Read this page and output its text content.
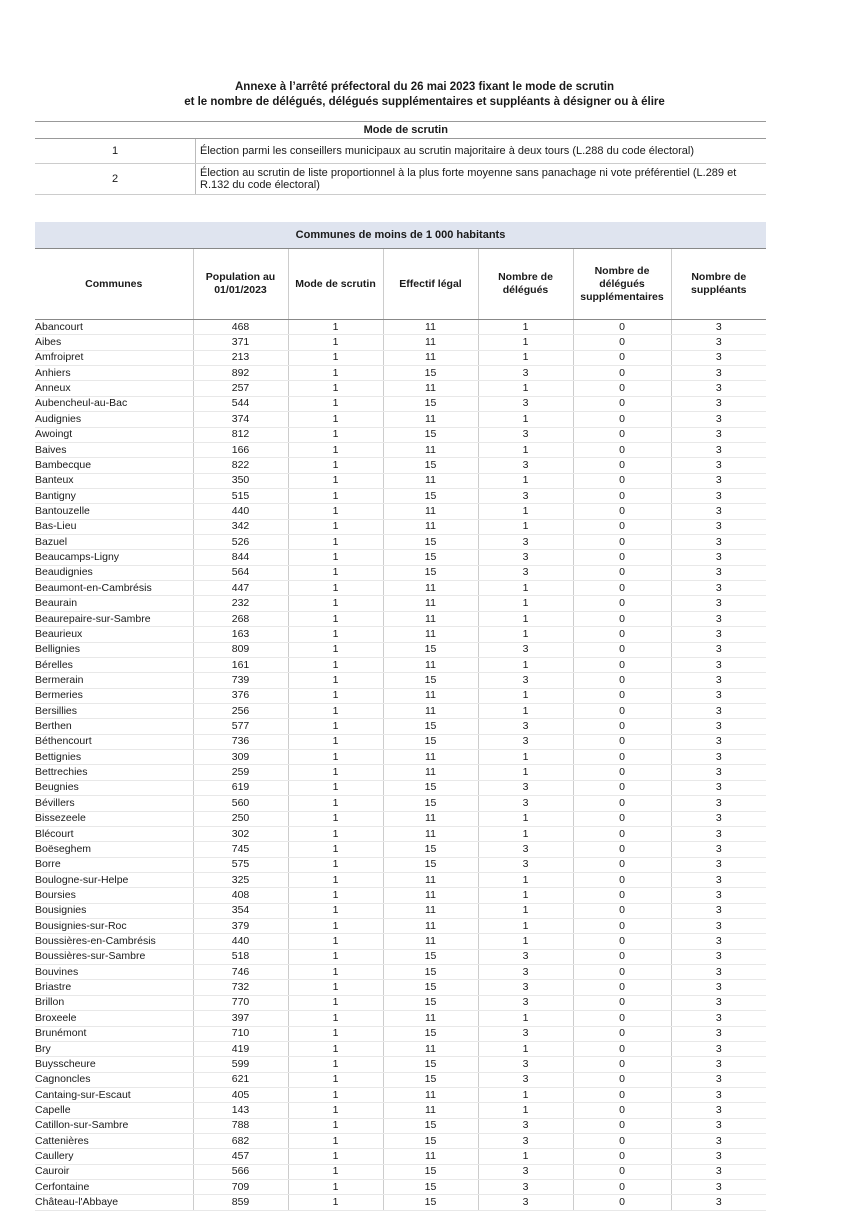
Annexe à l’arrêté préfectoral du 26 mai 2023 fixant le mode de scrutin
et le nombre de délégués, délégués supplémentaires et suppléants à désigner ou à élire
	Mode de scrutin
1	Élection parmi les conseillers municipaux au scrutin majoritaire à deux tours (L.288 du code électoral)
2	Élection au scrutin de liste proportionnel à la plus forte moyenne sans panachage ni vote préférentiel (L.289 et R.132 du code électoral)
Communes de moins de 1 000 habitants
Communes	Population au 01/01/2023	Mode de scrutin	Effectif légal	Nombre de délégués	Nombre de délégués supplémentaires	Nombre de suppléants
Abancourt	468	1	11	1	0	3
Aibes	371	1	11	1	0	3
Amfroipret	213	1	11	1	0	3
Anhiers	892	1	15	3	0	3
Anneux	257	1	11	1	0	3
Aubencheul-au-Bac	544	1	15	3	0	3
Audignies	374	1	11	1	0	3
Awoingt	812	1	15	3	0	3
Baives	166	1	11	1	0	3
Bambecque	822	1	15	3	0	3
Banteux	350	1	11	1	0	3
Bantigny	515	1	15	3	0	3
Bantouzelle	440	1	11	1	0	3
Bas-Lieu	342	1	11	1	0	3
Bazuel	526	1	15	3	0	3
Beaucamps-Ligny	844	1	15	3	0	3
Beaudignies	564	1	15	3	0	3
Beaumont-en-Cambrésis	447	1	11	1	0	3
Beaurain	232	1	11	1	0	3
Beaurepaire-sur-Sambre	268	1	11	1	0	3
Beaurieux	163	1	11	1	0	3
Bellignies	809	1	15	3	0	3
Bérelles	161	1	11	1	0	3
Bermerain	739	1	15	3	0	3
Bermeries	376	1	11	1	0	3
Bersillies	256	1	11	1	0	3
Berthen	577	1	15	3	0	3
Béthencourt	736	1	15	3	0	3
Bettignies	309	1	11	1	0	3
Bettrechies	259	1	11	1	0	3
Beugnies	619	1	15	3	0	3
Bévillers	560	1	15	3	0	3
Bissezeele	250	1	11	1	0	3
Blécourt	302	1	11	1	0	3
Boëseghem	745	1	15	3	0	3
Borre	575	1	15	3	0	3
Boulogne-sur-Helpe	325	1	11	1	0	3
Boursies	408	1	11	1	0	3
Bousignies	354	1	11	1	0	3
Bousignies-sur-Roc	379	1	11	1	0	3
Boussières-en-Cambrésis	440	1	11	1	0	3
Boussières-sur-Sambre	518	1	15	3	0	3
Bouvines	746	1	15	3	0	3
Briastre	732	1	15	3	0	3
Brillon	770	1	15	3	0	3
Broxeele	397	1	11	1	0	3
Brunémont	710	1	15	3	0	3
Bry	419	1	11	1	0	3
Buysscheure	599	1	15	3	0	3
Cagnoncles	621	1	15	3	0	3
Cantaing-sur-Escaut	405	1	11	1	0	3
Capelle	143	1	11	1	0	3
Catillon-sur-Sambre	788	1	15	3	0	3
Cattenières	682	1	15	3	0	3
Caullery	457	1	11	1	0	3
Cauroir	566	1	15	3	0	3
Cerfontaine	709	1	15	3	0	3
Château-l'Abbaye	859	1	15	3	0	3
